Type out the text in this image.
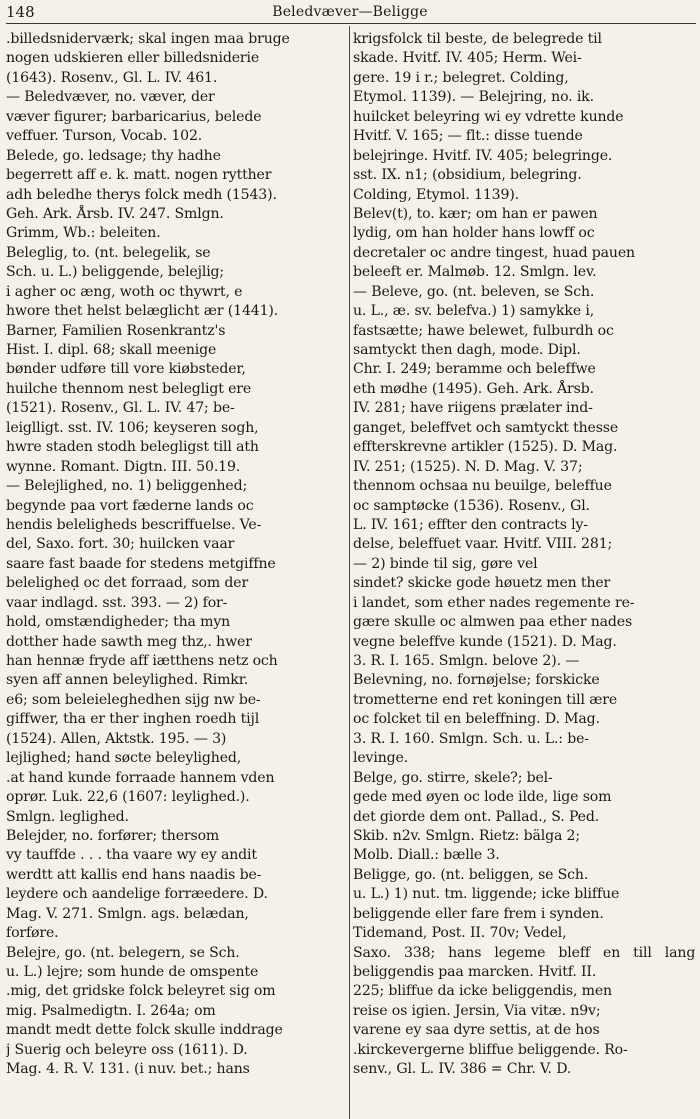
148	Beledvæver—Beligge
.billedsniderværk; skal ingen maa bruge
nogen udskieren eller billedsniderie
(1643). Rosenv., Gl. L. IV. 461.
— Beledvæver, no. væver, der
væver figurer; barbaricarius, belede
veffuer. Turson, Vocab. 102.
Belede, go. ledsage; thy hadhe
begerrett aff e. k. matt. nogen rytther
adh beledhe therys folck medh (1543).
Geh. Ark. Årsb. IV. 247. Smlgn.
Grimm, Wb.: beleiten.
Beleglig, to. (nt. belegelik, se
Sch. u. L.) beliggende, belejlig;
i agher oc æng, woth oc thywrt, e
hwore thet helst belæglicht ær (1441).
Barner, Familien Rosenkrantz's
Hist. I. dipl. 68; skall meenige
bønder udføre till vore kiøbsteder,
huilche thennom nest belegligt ere
(1521). Rosenv., Gl. L. IV. 47; be-
leiglligt. sst. IV. 106; keyseren sogh,
hwre staden stodh belegligst till ath
wynne. Romant. Digtn. III. 50.19.
— Belejlighed, no. 1) beliggenhed;
begynde paa vort fæderne lands oc
hendis beleligheds bescriffuelse. Ve-
del, Saxo. fort. 30; huilcken vaar
saare fast baade for stedens metgiffne
beleligheḍ oc det forraad, som der
vaar indlagd. sst. 393. — 2) for-
hold, omstændigheder; tha myn
dotther hade sawth meg thz,. hwer
han hennæ fryde aff iætthens netz och
syen aff annen beleylighed. Rimkr.
e6; som beleieleghedhen sijg nw be-
giffwer, tha er ther inghen roedh tijl
(1524). Allen, Aktstk. 195. — 3)
lejlighed; hand søcte beleylighed,
.at hand kunde forraade hannem vden
oprør. Luk. 22,6 (1607: leylighed.).
Smlgn. leglighed.
Belejder, no. forfører; thersom
vy tauffde . . . tha vaare wy ey andit
werdtt att kallis end hans naadis be-
leydere och aandelige forræedere. D.
Mag. V. 271. Smlgn. ags. belædan,
forføre.
Belejre, go. (nt. belegern, se Sch.
u. L.) lejre; som hunde de omspente
.mig, det gridske folck beleyret sig om
mig. Psalmedigtn. I. 264a; om
mandt medt dette folck skulle inddrage
j Suerig och beleyre oss (1611). D.
Mag. 4. R. V. 131. (i nuv. bet.; hans
krigsfolck til beste, de belegrede til
skade. Hvitf. IV. 405; Herm. Wei-
gere. 19 i r.; belegret. Colding,
Etymol. 1139). — Belejring, no. ik.
huilcket beleyring wi ey vdrette kunde
Hvitf. V. 165; — flt.: disse tuende
belejringe. Hvitf. IV. 405; belegringe.
sst. IX. n1; (obsidium, belegring.
Colding, Etymol. 1139).
Belev(t), to. kær; om han er pawen
lydig, om han holder hans lowff oc
decretaler oc andre tingest, huad pauen
beleeft er. Malmøb. 12. Smlgn. lev.
— Beleve, go. (nt. beleven, se Sch.
u. L., æ. sv. belefva.) 1) samykke i,
fastsætte; hawe belewet, fulburdh oc
samtyckt then dagh, mode. Dipl.
Chr. I. 249; beramme och beleffwe
eth mødhe (1495). Geh. Ark. Årsb.
IV. 281; have riigens prælater ind-
ganget, beleffvet och samtyckt thesse
effterskrevne artikler (1525). D. Mag.
IV. 251; (1525). N. D. Mag. V. 37;
thennom ochsaa nu beuilge, beleffue
oc samptøcke (1536). Rosenv., Gl.
L. IV. 161; effter den contracts ly-
delse, beleffuet vaar. Hvitf. VIII. 281;
— 2) binde til sig, gøre vel
sindet? skicke gode høuetz men ther
i landet, som ether nades regemente re-
gære skulle oc almwen paa ether nades
vegne beleffve kunde (1521). D. Mag.
3. R. I. 165. Smlgn. belove 2). —
Belevning, no. fornøjelse; forskicke
trometterne end ret koningen till ære
oc folcket til en beleffning. D. Mag.
3. R. I. 160. Smlgn. Sch. u. L.: be-
levinge.
Belge, go. stirre, skele?; bel-
gede med øyen oc lode ilde, lige som
det giorde dem ont. Pallad., S. Ped.
Skib. n2v. Smlgn. Rietz: bälga 2;
Molb. Diall.: bælle 3.
Beligge, go. (nt. beliggen, se Sch.
u. L.) 1) nut. tm. liggende; icke bliffue
beliggende eller fare frem i synden.
Tidemand, Post. II. 70v; Vedel,
Saxo. 338; hans legeme bleff en till lang
beliggendis paa marcken. Hvitf. II.
225; bliffue da icke beliggendis, men
reise os igien. Jersin, Via vitæ. n9v;
varene ey saa dyre settis, at de hos
.kirckevergerne bliffue beliggende. Ro-
senv., Gl. L. IV. 386 = Chr. V. D.
